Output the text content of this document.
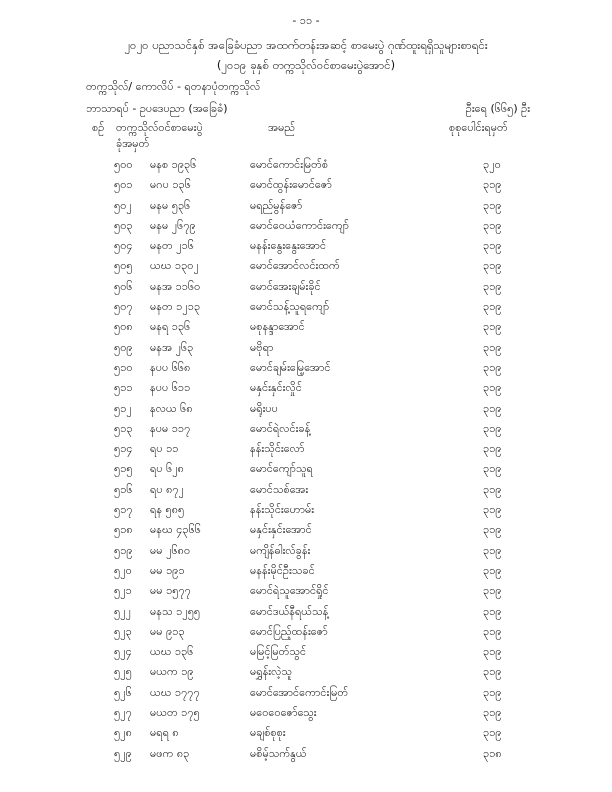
- ၁၁ -
၂၀၂၀ ပညာသင်နှစ် အခြေခံပညာ အထက်တန်းအဆင့် စာမေးပွဲ ဂုဏ်ထူးရရှိသူများစာရင်း
(၂၀၁၉ ခုနှစ် တက္ကသိုလ်ဝင်စာမေးပွဲအောင်)
တက္ကသိုလ်/ ကောလိပ် - ရတနာပုံတက္ကသိုလ်
ဘာသာရပ် - ဥပဒေပညာ (အခြေခံ)	ဦးရေ (၆၆၅) ဦး
စဉ် တက္ကသိုလ်ဝင်စာမေးပွဲ
ခုံအမှတ်
အမည်	စုစုပေါင်းရမှတ်
၅၀၀ မနစ ၁၉၃၆	မောင်ကောင်းမြတ်စံ	၃၂၀
၅၀၁ မဂပ ၁၃၆	မောင်ထွန်းမောင်ဇော်	၃၁၉
၅၀၂ မနမ ၅၃၆	မရည်မွန်ဇော်	၃၁၉
၅၀၃ မနမ ၂၆၇၉	မောင်ဝေယံကောင်းကျော်	၃၁၉
၅၀၄ မနတ ၂၁၆	မနန်းနွေးနွေးအောင်	၃၁၉
၅၀၅ ယဃ ၁၃၀၂	မောင်အောင်လင်းထက်	၃၁၉
၅၀၆ မနအ ၁၁၆၀	မောင်အေးချမ်းခိုင်	၃၁၉
၅၀၇ မနတ ၁၂၁၃	မောင်သန့်သူရကျော်	၃၁၉
၅၀၈ မနရ ၁၃၆	မစုနန္ဒာအောင်	၃၁၉
၅၀၉ မနအ ၂၆၃	မဗိုရာ	၃၁၉
၅၁၀ နပပ ၆၆၈	မောင်ချမ်းမြေ့အောင်	၃၁၉
၅၁၁ နပပ ၆၁၁	မနှင်းနှင်းလှိုင်	၃၁၉
၅၁၂ နလယ ၆၈	မရိုးပပ	၃၁၉
၅၁၃ နပမ ၁၁၇	မောင်ရဲလင်းခန့်	၃၁၉
၅၁၄ ရပ ၁၁	နန်းသိုင်းလော်	၃၁၉
၅၁၅ ရပ ၆၂၈	မောင်ကျော်သူရ	၃၁၉
၅၁၆ ရပ ၈၇၂	မောင်သစ်အေး	၃၁၉
၅၁၇ ရန ၅၈၅	နန်းသိုင်းဟောမ်း	၃၁၉
၅၁၈ မနဃ ၄၃၆၆	မနှင်းနှင်းအောင်	၃၁၉
၅၁၉ မမ ၂၆၈၀	မကျိန်ဓါးလ်ခွန်း	၃၁၉
၅၂၀ မမ ၁၉၁	မနန်းမိုင်ဦးသခင်	၃၁၉
၅၂၁ မမ ၁၅၇၇	မောင်ရဲသူအောင်ရှိုင်	၃၁၉
၅၂၂ မနသ ၁၂၅၅	မောင်ဒယ်နီရယ်သန့်	၃၁၉
၅၂၃ မမ ၉၁၃	မောင်ပြည့်ထန်းဇော်	၃၁၉
၅၂၄ ယဃ ၁၃၆	မမြင့်မြတ်သွင်	၃၁၉
၅၂၅ မယက ၁၉	မရွှန်းလဲ့သူ	၃၁၉
၅၂၆ ယဃ ၁၇၇၇	မောင်အောင်ကောင်းမြတ်	၃၁၉
၅၂၇ မယတ ၁၇၅	မဝေဝေဇော်သွေး	၃၁၉
၅၂၈ မရရ ၈	မချစ်စုစုး	၃၁၉
၅၂၉ မဖက ၈၃	မစိမ့်သက်နွယ်	၃၁၈
